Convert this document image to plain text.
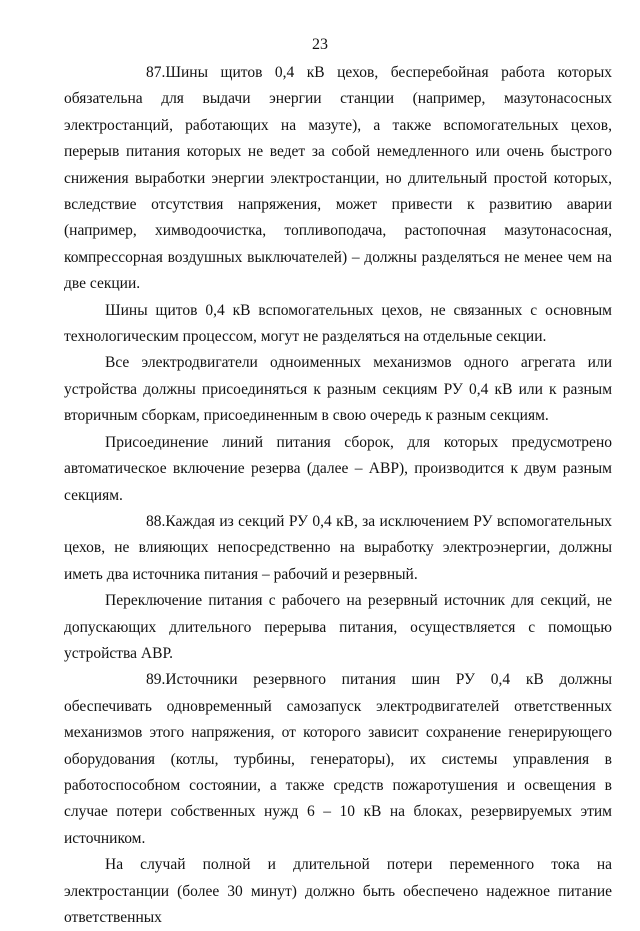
23

87.Шины щитов 0,4 кВ цехов, бесперебойная работа которых обязательна для выдачи энергии станции (например, мазутонасосных электростанций, работающих на мазуте), а также вспомогательных цехов, перерыв питания которых не ведет за собой немедленного или очень быстрого снижения выработки энергии электростанции, но длительный простой которых, вследствие отсутствия напряжения, может привести к развитию аварии (например, химводоочистка, топливоподача, растопочная мазутонасосная, компрессорная воздушных выключателей) – должны разделяться не менее чем на две секции.

Шины щитов 0,4 кВ вспомогательных цехов, не связанных с основным технологическим процессом, могут не разделяться на отдельные секции.

Все электродвигатели одноименных механизмов одного агрегата или устройства должны присоединяться к разным секциям РУ 0,4 кВ или к разным вторичным сборкам, присоединенным в свою очередь к разным секциям.

Присоединение линий питания сборок, для которых предусмотрено автоматическое включение резерва (далее – АВР), производится к двум разным секциям.

88.Каждая из секций РУ 0,4 кВ, за исключением РУ вспомогательных цехов, не влияющих непосредственно на выработку электроэнергии, должны иметь два источника питания – рабочий и резервный.

Переключение питания с рабочего на резервный источник для секций, не допускающих длительного перерыва питания, осуществляется с помощью устройства АВР.

89.Источники резервного питания шин РУ 0,4 кВ должны обеспечивать одновременный самозапуск электродвигателей ответственных механизмов этого напряжения, от которого зависит сохранение генерирующего оборудования (котлы, турбины, генераторы), их системы управления в работоспособном состоянии, а также средств пожаротушения и освещения в случае потери собственных нужд 6 – 10 кВ на блоках, резервируемых этим источником.

На случай полной и длительной потери переменного тока на электростанции (более 30 минут) должно быть обеспечено надежное питание ответственных
